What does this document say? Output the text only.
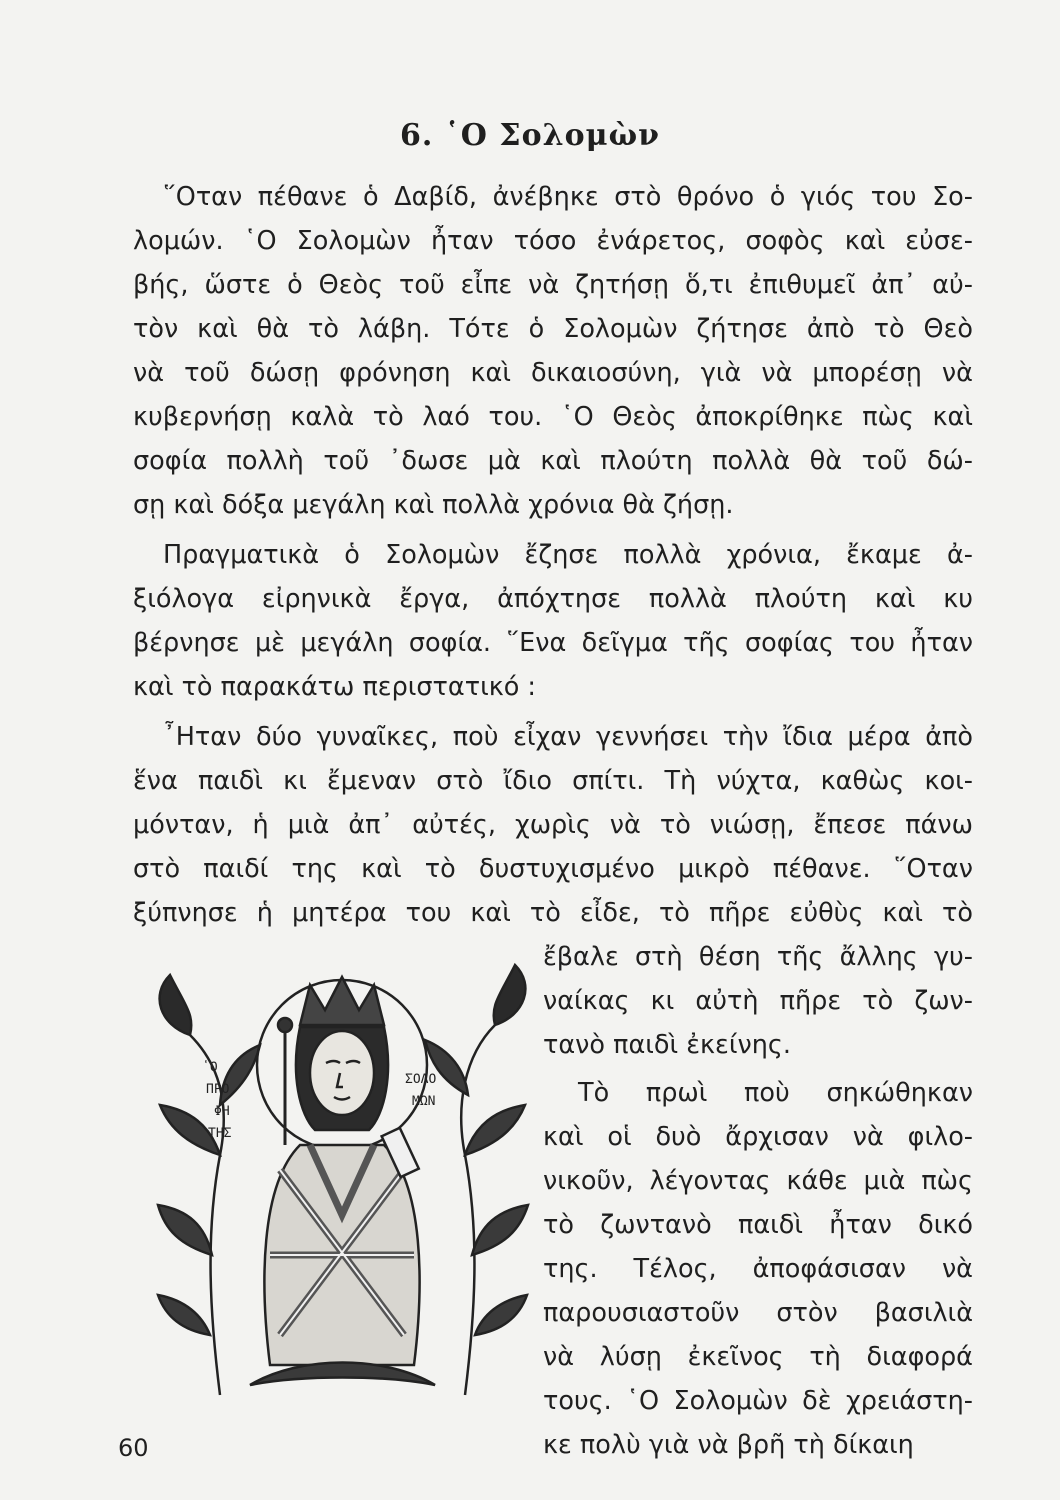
6. ῾Ο Σολομὼν
῞Οταν πέθανε ὁ Δαβίδ, ἀνέβηκε στὸ θρόνο ὁ γιός του Σο-
λομών. ῾Ο Σολομὼν ἦταν τόσο ἐνάρετος, σοφὸς καὶ εὐσε-
βής, ὥστε ὁ Θεὸς τοῦ εἶπε νὰ ζητήσῃ ὅ,τι ἐπιθυμεῖ ἀπ᾽ αὐ-
τὸν καὶ θὰ τὸ λάβη. Τότε ὁ Σολομὼν ζήτησε ἀπὸ τὸ Θεὸ
νὰ τοῦ δώσῃ φρόνηση καὶ δικαιοσύνη, γιὰ νὰ μπορέσῃ νὰ
κυβερνήσῃ καλὰ τὸ λαό του. ῾Ο Θεὸς ἀποκρίθηκε πὼς καὶ
σοφία πολλὴ τοῦ ᾽δωσε μὰ καὶ πλούτη πολλὰ θὰ τοῦ δώ-
σῃ καὶ δόξα μεγάλη καὶ πολλὰ χρόνια θὰ ζήσῃ.
Πραγματικὰ ὁ Σολομὼν ἔζησε πολλὰ χρόνια, ἔκαμε ἀ-
ξιόλογα εἰρηνικὰ ἔργα, ἀπόχτησε πολλὰ πλούτη καὶ κυ
βέρνησε μὲ μεγάλη σοφία. ῞Ενα δεῖγμα τῆς σοφίας του ἦταν
καὶ τὸ παρακάτω περιστατικό :
῏Ηταν δύο γυναῖκες, ποὺ εἶχαν γεννήσει τὴν ἴδια μέρα ἀπὸ
ἕνα παιδὶ κι ἔμεναν στὸ ἴδιο σπίτι. Τὴ νύχτα, καθὼς κοι-
μόνταν, ἡ μιὰ ἀπ᾽ αὐτές, χωρὶς νὰ τὸ νιώσῃ, ἔπεσε πάνω
στὸ παιδί της καὶ τὸ δυστυχισμένο μικρὸ πέθανε. ῞Οταν
ξύπνησε ἡ μητέρα του καὶ τὸ εἶδε, τὸ πῆρε εὐθὺς καὶ τὸ
ἔβαλε στὴ θέση τῆς ἄλλης γυ-
ναίκας κι αὐτὴ πῆρε τὸ ζων-
τανὸ παιδὶ ἐκείνης.
Τὸ πρωὶ ποὺ σηκώθηκαν
καὶ οἱ δυὸ ἄρχισαν νὰ φιλο-
νικοῦν, λέγοντας κάθε μιὰ πὼς
τὸ ζωντανὸ παιδὶ ἦταν δικό
της. Τέλος, ἀποφάσισαν νὰ
παρουσιαστοῦν στὸν βασιλιὰ
νὰ λύσῃ ἐκεῖνος τὴ διαφορά
τους. ῾Ο Σολομὼν δὲ χρειάστη-
κε πολὺ γιὰ νὰ βρῆ τὴ δίκαιη
῾Ο
ΠΡΟ
ΦΗ
ΤΗΣ
ΣΟΛΟ
ΜΩΝ
60
